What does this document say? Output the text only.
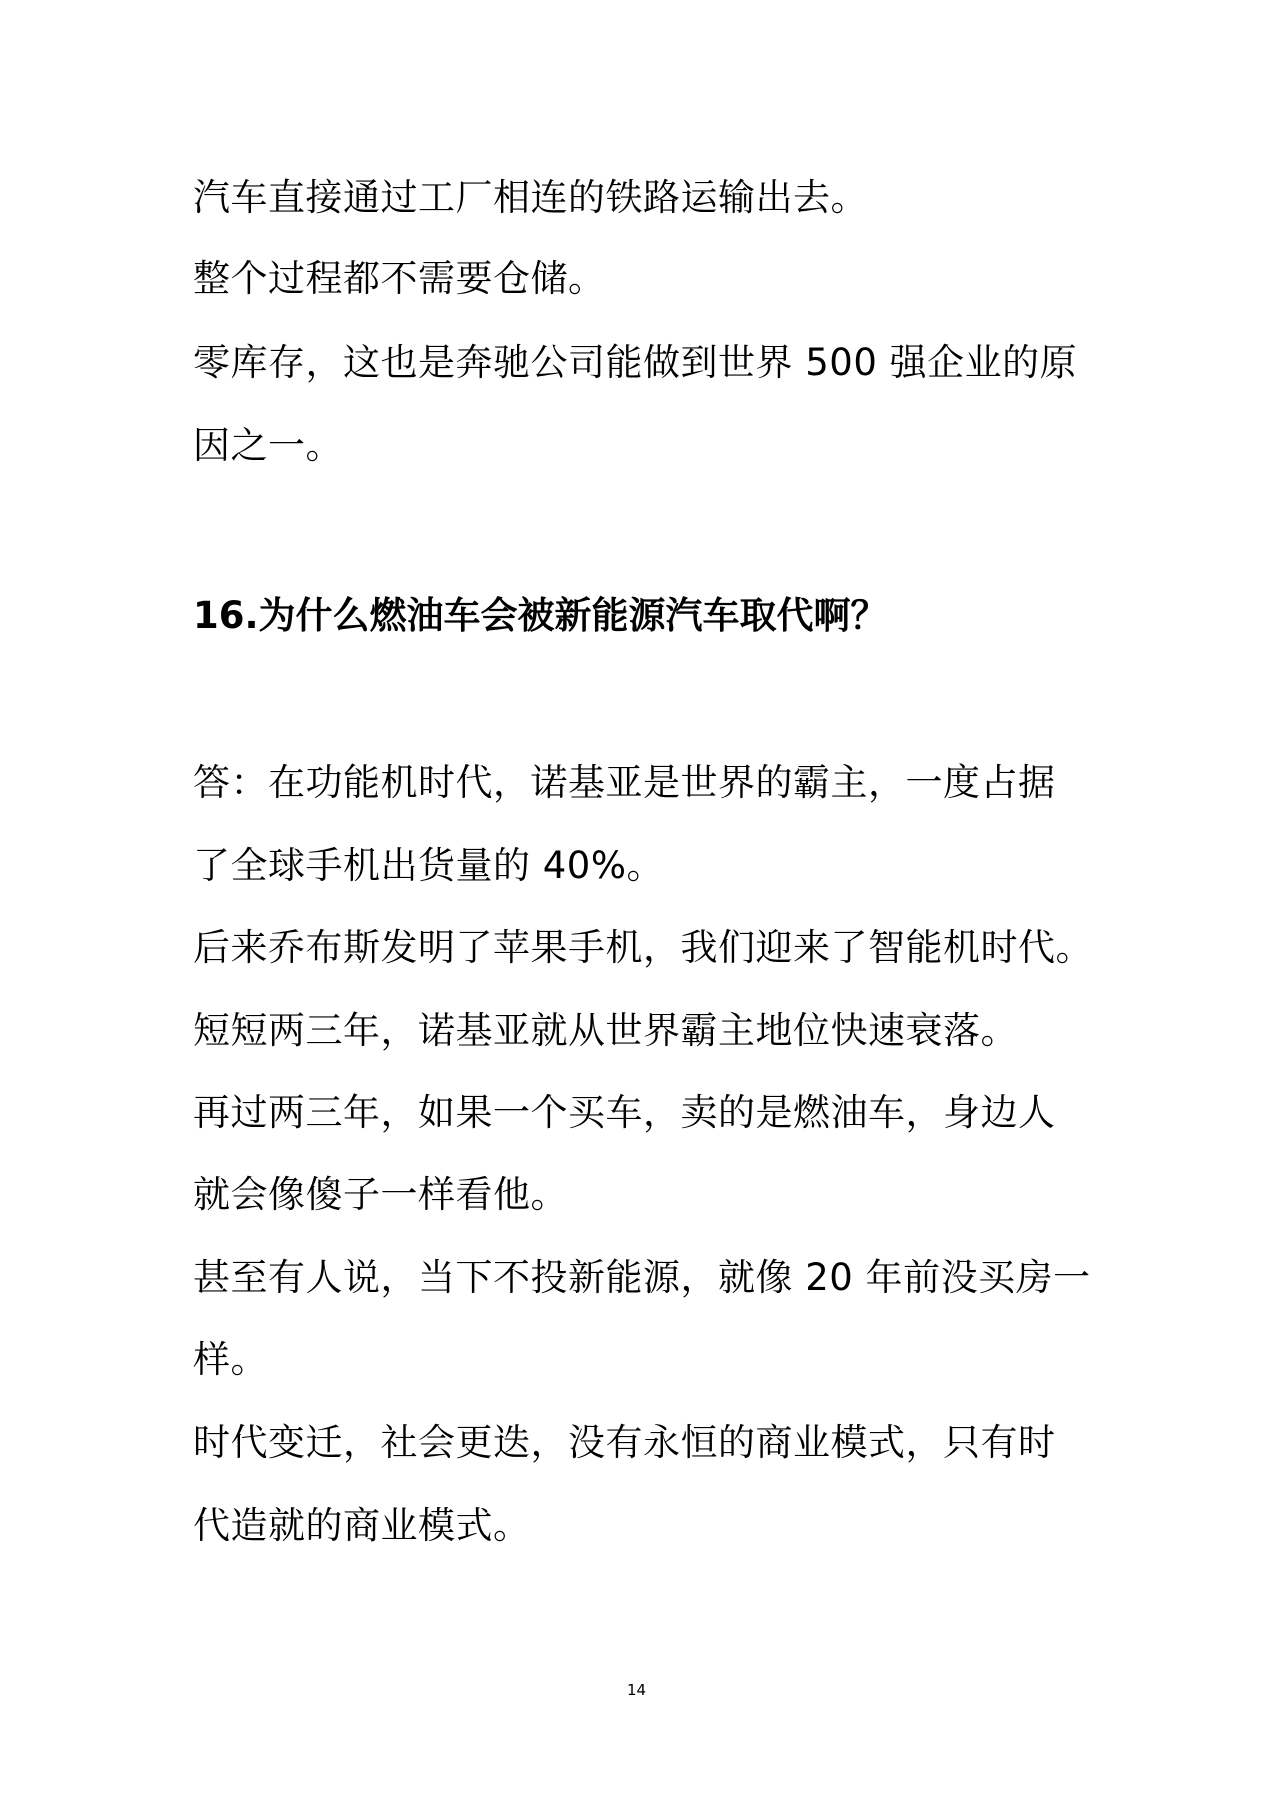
汽车直接通过工厂相连的铁路运输出去。

整个过程都不需要仓储。

零库存，这也是奔驰公司能做到世界 500 强企业的原

因之一。

16.为什么燃油车会被新能源汽车取代啊？

答：在功能机时代，诺基亚是世界的霸主，一度占据

了全球手机出货量的 40%。

后来乔布斯发明了苹果手机，我们迎来了智能机时代。

短短两三年，诺基亚就从世界霸主地位快速衰落。

再过两三年，如果一个买车，卖的是燃油车，身边人

就会像傻子一样看他。

甚至有人说，当下不投新能源，就像 20 年前没买房一

样。

时代变迁，社会更迭，没有永恒的商业模式，只有时

代造就的商业模式。

14
